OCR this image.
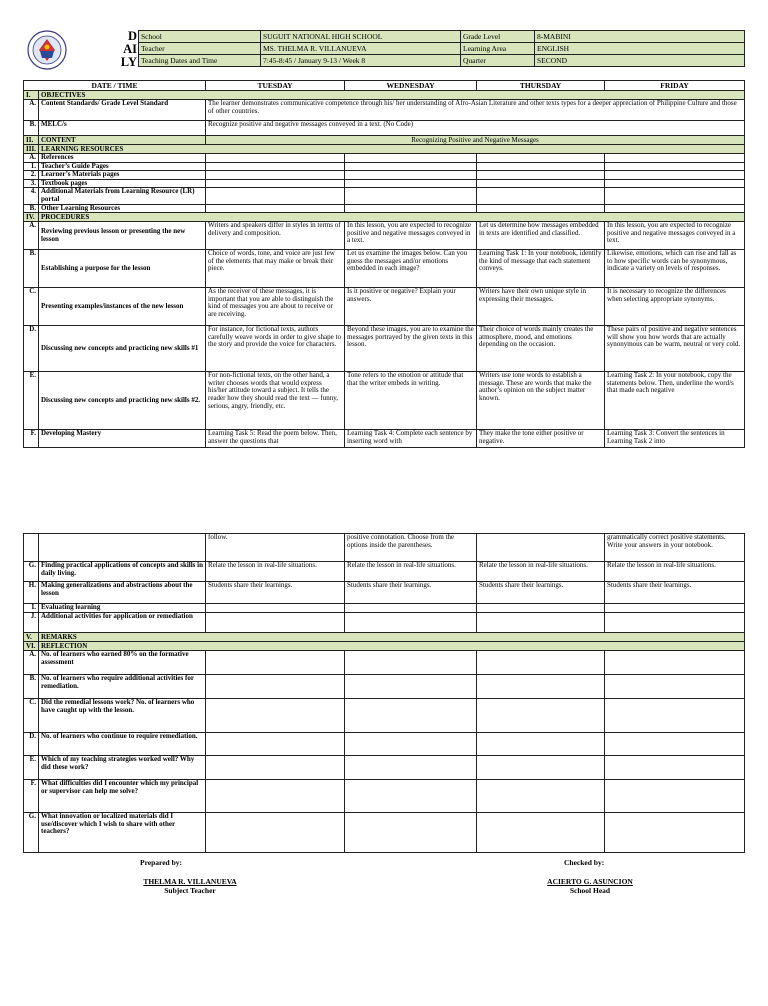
D
AI
LY
School	SUGUIT NATIONAL HIGH SCHOOL	Grade Level	8-MABINI
Teacher	MS. THELMA R. VILLANUEVA	Learning Area	ENGLISH
Teaching Dates and Time	7:45-8:45 / January 9-13 / Week 8	Quarter	SECOND
DATE / TIME		TUESDAY	WEDNESDAY	THURSDAY	FRIDAY
I.	OBJECTIVES				
A.	Content Standards/ Grade Level Standard	The learner demonstrates communicative competence through his/ her understanding of Afro-Asian Literature and other texts types for a deeper appreciation of Philippine Culture and those of other countries.			
B.	MELC/s	Recognize positive and negative messages conveyed in a text. (No Code)			
II.	CONTENT	Recognizing Positive and Negative Messages			
III.	LEARNING RESOURCES				
A.	References				
1.	Teacher’s Guide Pages				
2.	Learner’s Materials pages				
3.	Textbook pages				
4.	Additional Materials from Learning Resource (LR) portal				
B.	Other Learning Resources				
IV.	PROCEDURES				
A.	Reviewing previous lesson or presenting the new lesson	Writers and speakers differ in styles in terms of delivery and composition.	In this lesson, you are expected to recognize positive and negative messages conveyed in a text.	Let us determine how messages embedded in texts are identified and classified.	In this lesson, you are expected to recognize positive and negative messages conveyed in a text.
B.	Establishing a purpose for the lesson	Choice of words, tone, and voice are just few of the elements that may make or break their piece.	Let us examine the images below. Can you guess the messages and/or emotions embedded in each image?	Learning Task 1: In your notebook, identify the kind of message that each statement conveys.	Likewise, emotions, which can rise and fall as to how specific words can be synonymous, indicate a variety on levels of responses.
C.	Presenting examples/instances of the new lesson	As the receiver of these messages, it is important that you are able to distinguish the kind of messages you are about to receive or are receiving.	Is it positive or negative? Explain your answers.	Writers have their own unique style in expressing their messages.	It is necessary to recognize the differences when selecting appropriate synonyms.
D.	Discussing new concepts and practicing new skills #1	For instance, for fictional texts, authors carefully weave words in order to give shape to the story and provide the voice for characters.	Beyond these images, you are to examine the messages portrayed by the given texts in this lesson.	Their choice of words mainly creates the atmosphere, mood, and emotions depending on the occasion.	These pairs of positive and negative sentences will show you how words that are actually synonymous can be warm, neutral or very cold.
E.	Discussing new concepts and practicing new skills #2.	For non-fictional texts, on the other hand, a writer chooses words that would express his/her attitude toward a subject. It tells the reader how they should read the text — funny, serious, angry, friendly, etc.	Tone refers to the emotion or attitude that that the writer embeds in writing.	Writers use tone words to establish a message. These are words that make the author’s opinion on the subject matter known.	Learning Task 2: In your notebook, copy the statements below. Then, underline the word/s that made each negative
F.	Developing Mastery	Learning Task 5: Read the poem below. Then, answer the questions that	Learning Task 4: Complete each sentence by inserting word with	They make the tone either positive or negative.	Learning Task 3: Convert the sentences in Learning Task 2 into
		follow.	positive connotation. Choose from the options inside the parentheses.		grammatically correct positive statements. Write your answers in your notebook.
G.	Finding practical applications of concepts and skills in daily living.	Relate the lesson in real-life situations.	Relate the lesson in real-life situations.	Relate the lesson in real-life situations.	Relate the lesson in real-life situations.
H.	Making generalizations and abstractions about the lesson	Students share their learnings.	Students share their learnings.	Students share their learnings.	Students share their learnings.
I.	Evaluating learning				
J.	Additional activities for application or remediation				
V.	REMARKS				
VI.	REFLECTION				
A.	No. of learners who earned 80% on the formative assessment				
B.	No. of learners who require additional activities for remediation.				
C.	Did the remedial lessons work? No. of learners who have caught up with the lesson.				
D.	No. of learners who continue to require remediation.				
E.	Which of my teaching strategies worked well? Why did these work?				
F.	What difficulties did I encounter which my principal or supervisor can help me solve?				
G.	What innovation or localized materials did I use/discover which I wish to share with other teachers?				
Prepared by:
THELMA R. VILLANUEVA
Subject Teacher
Checked by:
ACIERTO G. ASUNCION
School Head
